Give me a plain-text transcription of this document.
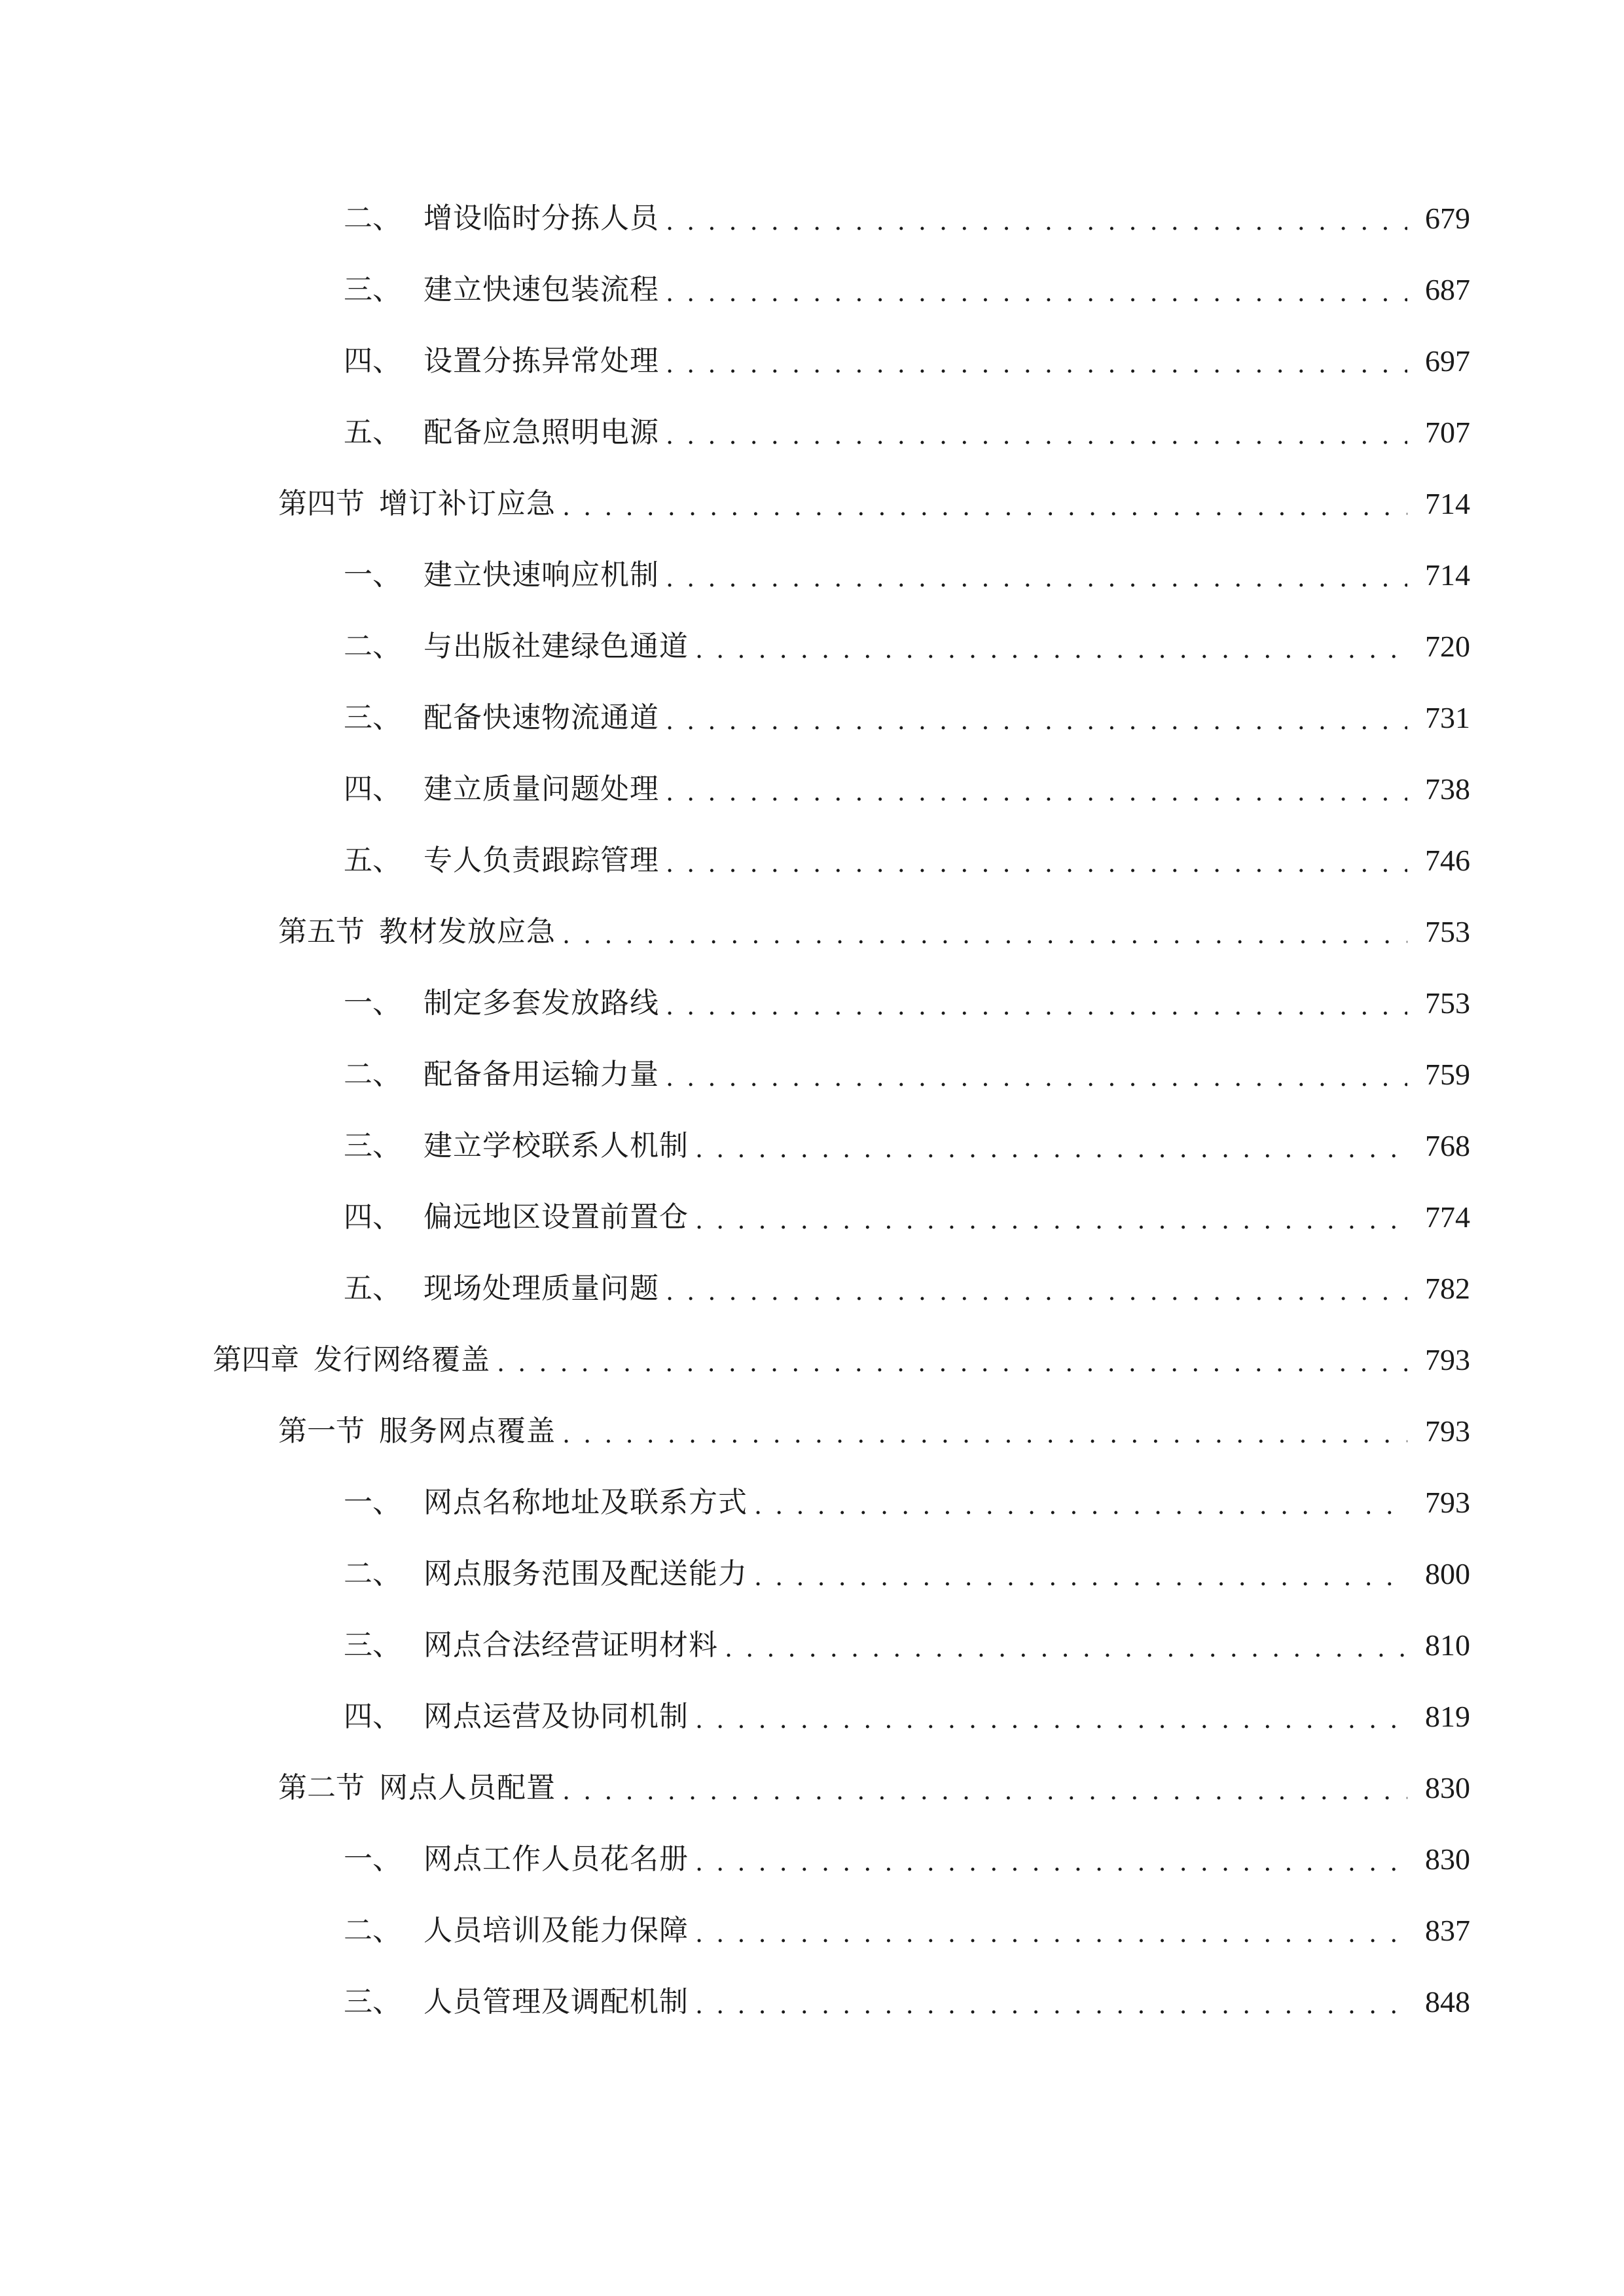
二、 增设临时分拣人员 . . .	679
三、 建立快速包装流程 . . .	687
四、 设置分拣异常处理 . . .	697
五、 配备应急照明电源 . . .	707
第四节 增订补订应急 . . .	714
一、 建立快速响应机制 . . .	714
二、 与出版社建绿色通道 . . .	720
三、 配备快速物流通道 . . .	731
四、 建立质量问题处理 . . .	738
五、 专人负责跟踪管理 . . .	746
第五节 教材发放应急 . . .	753
一、 制定多套发放路线 . . .	753
二、 配备备用运输力量 . . .	759
三、 建立学校联系人机制 . . .	768
四、 偏远地区设置前置仓 . . .	774
五、 现场处理质量问题 . . .	782
第四章 发行网络覆盖 . . .	793
第一节 服务网点覆盖 . . .	793
一、 网点名称地址及联系方式 . . .	793
二、 网点服务范围及配送能力 . . .	800
三、 网点合法经营证明材料 . . .	810
四、 网点运营及协同机制 . . .	819
第二节 网点人员配置 . . .	830
一、 网点工作人员花名册 . . .	830
二、 人员培训及能力保障 . . .	837
三、 人员管理及调配机制 . . .	848
